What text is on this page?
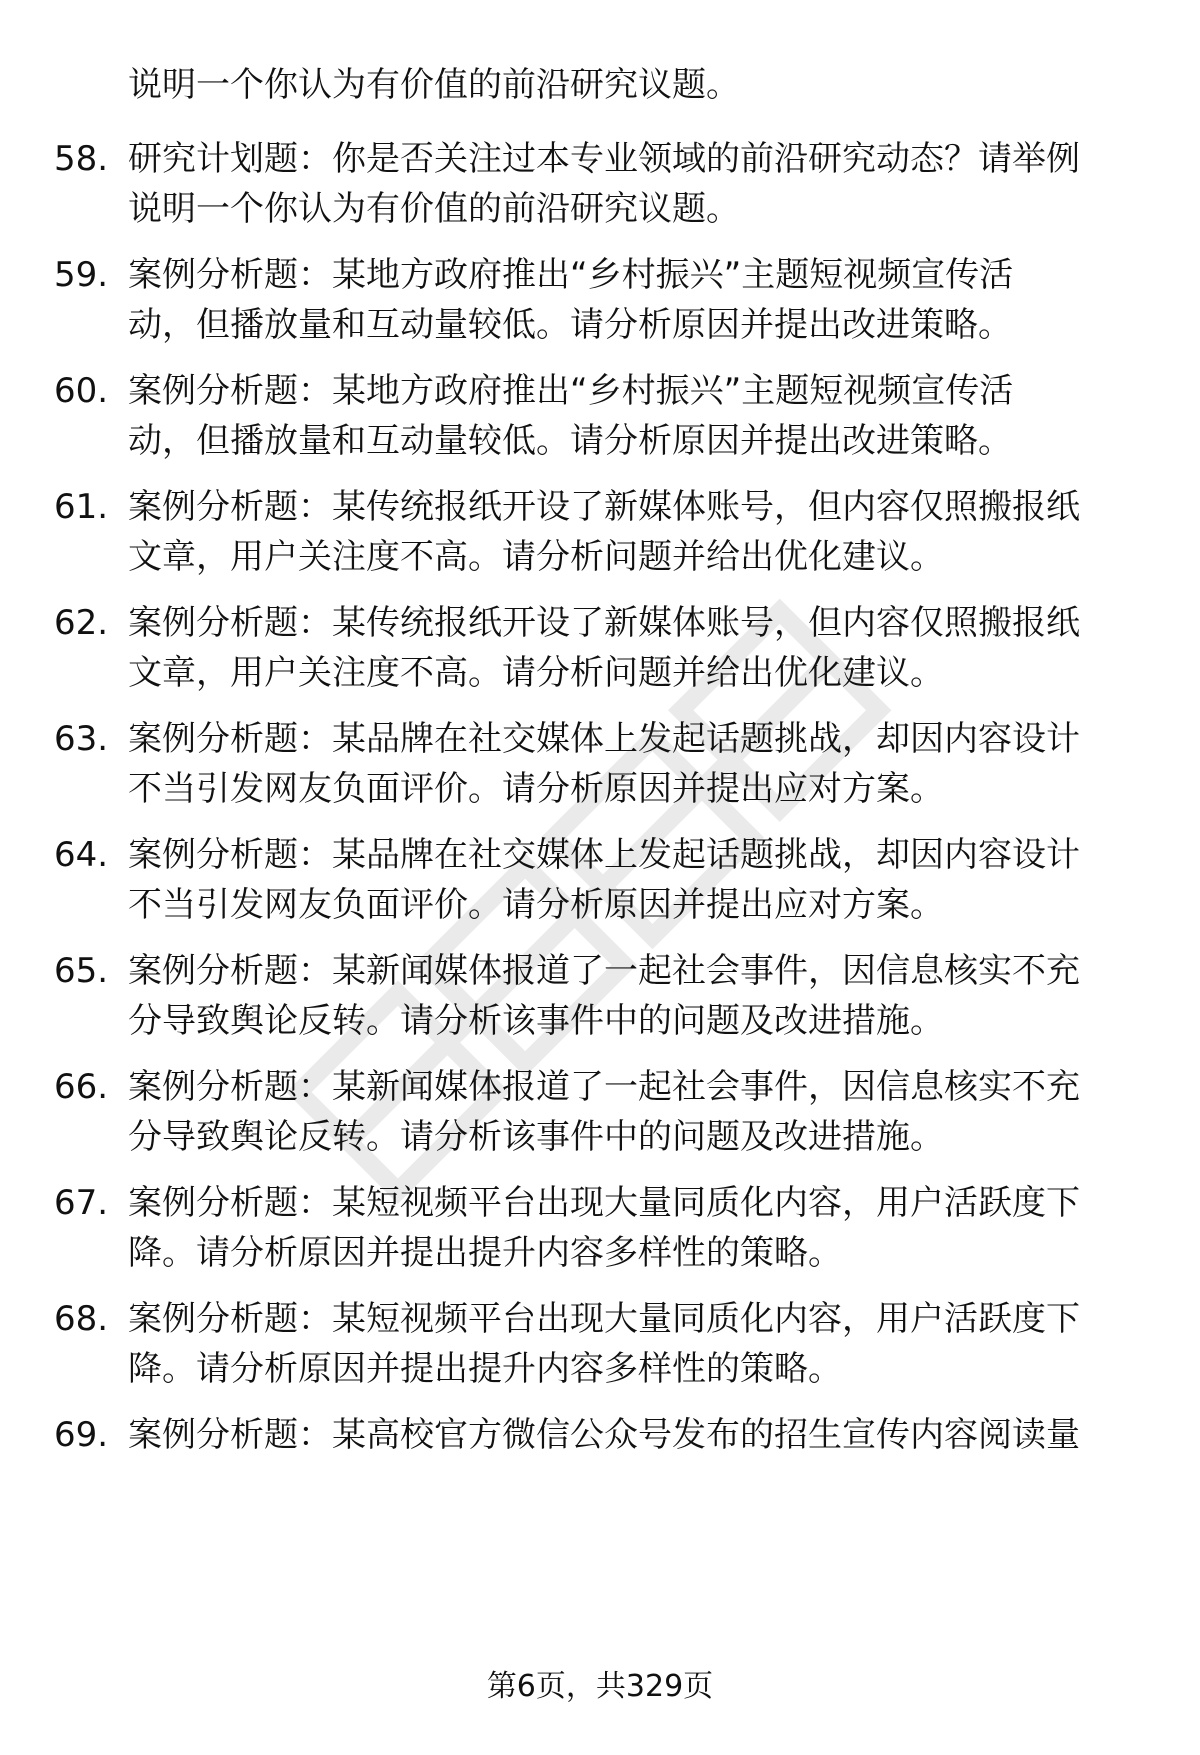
说明一个你认为有价值的前沿研究议题。
58. 研究计划题：你是否关注过本专业领域的前沿研究动态？请举例
说明一个你认为有价值的前沿研究议题。
59. 案例分析题：某地方政府推出“乡村振兴”主题短视频宣传活
动，但播放量和互动量较低。请分析原因并提出改进策略。
60. 案例分析题：某地方政府推出“乡村振兴”主题短视频宣传活
动，但播放量和互动量较低。请分析原因并提出改进策略。
61. 案例分析题：某传统报纸开设了新媒体账号，但内容仅照搬报纸
文章，用户关注度不高。请分析问题并给出优化建议。
62. 案例分析题：某传统报纸开设了新媒体账号，但内容仅照搬报纸
文章，用户关注度不高。请分析问题并给出优化建议。
63. 案例分析题：某品牌在社交媒体上发起话题挑战，却因内容设计
不当引发网友负面评价。请分析原因并提出应对方案。
64. 案例分析题：某品牌在社交媒体上发起话题挑战，却因内容设计
不当引发网友负面评价。请分析原因并提出应对方案。
65. 案例分析题：某新闻媒体报道了一起社会事件，因信息核实不充
分导致舆论反转。请分析该事件中的问题及改进措施。
66. 案例分析题：某新闻媒体报道了一起社会事件，因信息核实不充
分导致舆论反转。请分析该事件中的问题及改进措施。
67. 案例分析题：某短视频平台出现大量同质化内容，用户活跃度下
降。请分析原因并提出提升内容多样性的策略。
68. 案例分析题：某短视频平台出现大量同质化内容，用户活跃度下
降。请分析原因并提出提升内容多样性的策略。
69. 案例分析题：某高校官方微信公众号发布的招生宣传内容阅读量
第6页，共329页
